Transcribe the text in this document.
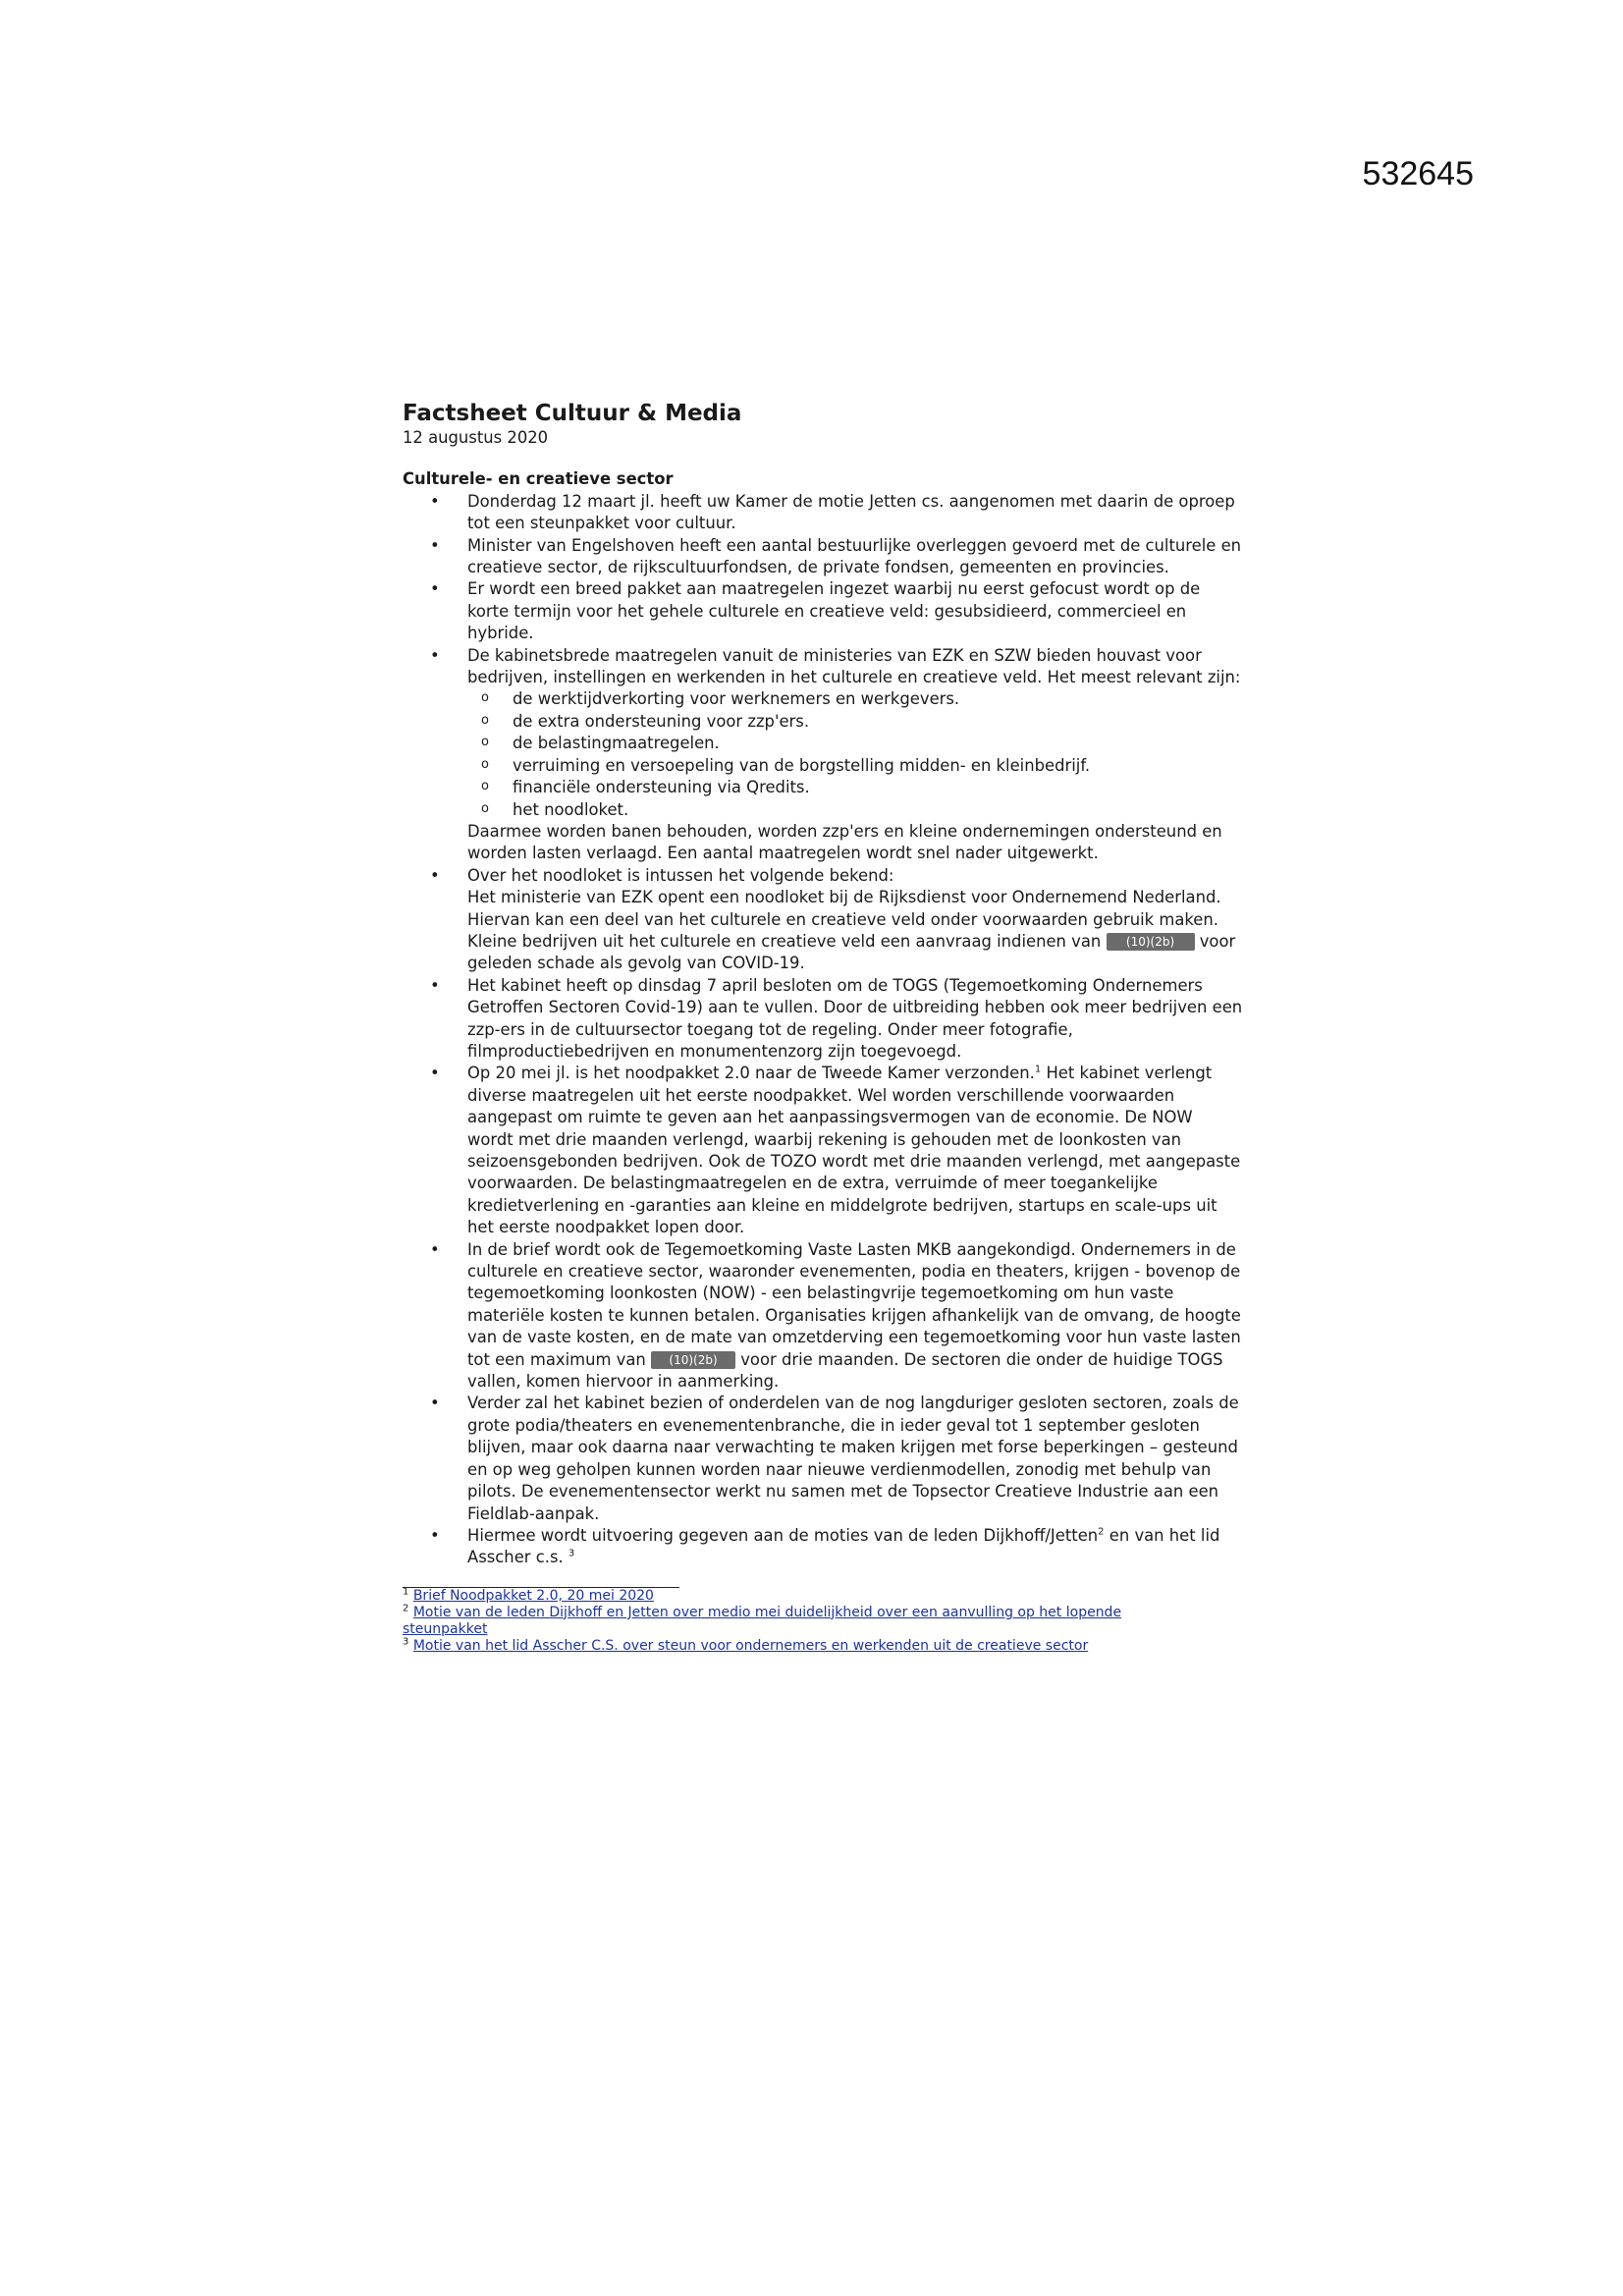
532645
Factsheet Cultuur & Media

12 augustus 2020

Culturele- en creatieve sector
• Donderdag 12 maart jl. heeft uw Kamer de motie Jetten cs. aangenomen met daarin de oproep tot een steunpakket voor cultuur.
• Minister van Engelshoven heeft een aantal bestuurlijke overleggen gevoerd met de culturele en creatieve sector, de rijkscultuurfondsen, de private fondsen, gemeenten en provincies.
• Er wordt een breed pakket aan maatregelen ingezet waarbij nu eerst gefocust wordt op de korte termijn voor het gehele culturele en creatieve veld: gesubsidieerd, commercieel en hybride.
• De kabinetsbrede maatregelen vanuit de ministeries van EZK en SZW bieden houvast voor bedrijven, instellingen en werkenden in het culturele en creatieve veld. Het meest relevant zijn:
o de werktijdverkorting voor werknemers en werkgevers.
o de extra ondersteuning voor zzp'ers.
o de belastingmaatregelen.
o verruiming en versoepeling van de borgstelling midden- en kleinbedrijf.
o financiële ondersteuning via Qredits.
o het noodloket.

Daarmee worden banen behouden, worden zzp'ers en kleine ondernemingen ondersteund en worden lasten verlaagd. Een aantal maatregelen wordt snel nader uitgewerkt.

• Over het noodloket is intussen het volgende bekend:
Het ministerie van EZK opent een noodloket bij de Rijksdienst voor Ondernemend Nederland. Hiervan kan een deel van het culturele en creatieve veld onder voorwaarden gebruik maken. Kleine bedrijven uit het culturele en creatieve veld een aanvraag indienen van (10)(2b) voor geleden schade als gevolg van COVID-19.
• Het kabinet heeft op dinsdag 7 april besloten om de TOGS (Tegemoetkoming Ondernemers Getroffen Sectoren Covid-19) aan te vullen. Door de uitbreiding hebben ook meer bedrijven een zzp-ers in de cultuursector toegang tot de regeling. Onder meer fotografie, filmproductiebedrijven en monumentenzorg zijn toegevoegd.
• Op 20 mei jl. is het noodpakket 2.0 naar de Tweede Kamer verzonden.$^1$ Het kabinet verlengt diverse maatregelen uit het eerste noodpakket. Wel worden verschillende voorwaarden aangepast om ruimte te geven aan het aanpassingsvermogen van de economie. De NOW wordt met drie maanden verlengd, waarbij rekening is gehouden met de loonkosten van seizoensgebonden bedrijven. Ook de TOZO wordt met drie maanden verlengd, met aangepaste voorwaarden. De belastingmaatregelen en de extra, verruimde of meer toegankelijke kredietverlening en -garanties aan kleine en middelgrote bedrijven, startups en scale-ups uit het eerste noodpakket lopen door.
• In de brief wordt ook de Tegemoetkoming Vaste Lasten MKB aangekondigd. Ondernemers in de culturele en creatieve sector, waaronder evenementen, podia en theaters, krijgen - bovenop de tegemoetkoming loonkosten (NOW) - een belastingvrije tegemoetkoming om hun vaste materiële kosten te kunnen betalen. Organisaties krijgen afhankelijk van de omvang, de hoogte van de vaste kosten, en de mate van omzetderving een tegemoetkoming voor hun vaste lasten tot een maximum van (10)(2b) voor drie maanden. De sectoren die onder de huidige TOGS vallen, komen hiervoor in aanmerking.
• Verder zal het kabinet bezien of onderdelen van de nog langduriger gesloten sectoren, zoals de grote podia/theaters en evenementenbranche, die in ieder geval tot 1 september gesloten blijven, maar ook daarna naar verwachting te maken krijgen met forse beperkingen – gesteund en op weg geholpen kunnen worden naar nieuwe verdienmodellen, zonodig met behulp van pilots. De evenementensector werkt nu samen met de Topsector Creatieve Industrie aan een Fieldlab-aanpak.
• Hiermee wordt uitvoering gegeven aan de moties van de leden Dijkhoff/Jetten$^2$ en van het lid Asscher c.s. $^3$
$^1$ Brief Noodpakket 2.0, 20 mei 2020
$^2$ Motie van de leden Dijkhoff en Jetten over medio mei duidelijkheid over een aanvulling op het lopende steunpakket
$^3$ Motie van het lid Asscher C.S. over steun voor ondernemers en werkenden uit de creatieve sector
